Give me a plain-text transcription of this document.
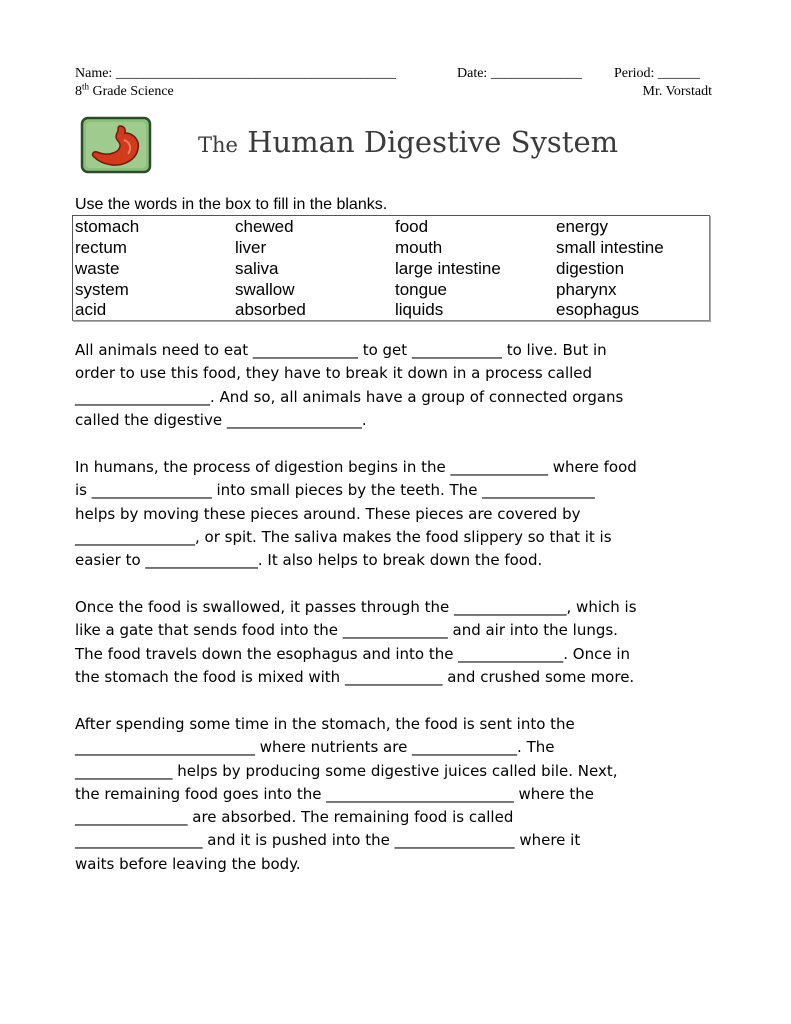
Name: ________________________________________	Date: _____________ Period: ______
8th Grade Science	Mr. Vorstadt
The Human Digestive System
Use the words in the box to fill in the blanks.
stomach	chewed	food	energy
rectum	liver	mouth	small intestine
waste	saliva	large intestine	digestion
system	swallow	tongue	pharynx
acid	absorbed	liquids	esophagus
All animals need to eat ______________ to get ____________ to live. But in
order to use this food, they have to break it down in a process called
__________________. And so, all animals have a group of connected organs
called the digestive __________________.
In humans, the process of digestion begins in the _____________ where food
is ________________ into small pieces by the teeth. The _______________
helps by moving these pieces around. These pieces are covered by
________________, or spit. The saliva makes the food slippery so that it is
easier to _______________. It also helps to break down the food.
Once the food is swallowed, it passes through the _______________, which is
like a gate that sends food into the ______________ and air into the lungs.
The food travels down the esophagus and into the ______________. Once in
the stomach the food is mixed with _____________ and crushed some more.
After spending some time in the stomach, the food is sent into the
________________________ where nutrients are ______________. The
_____________ helps by producing some digestive juices called bile. Next,
the remaining food goes into the _________________________ where the
_______________ are absorbed. The remaining food is called
_________________ and it is pushed into the ________________ where it
waits before leaving the body.
